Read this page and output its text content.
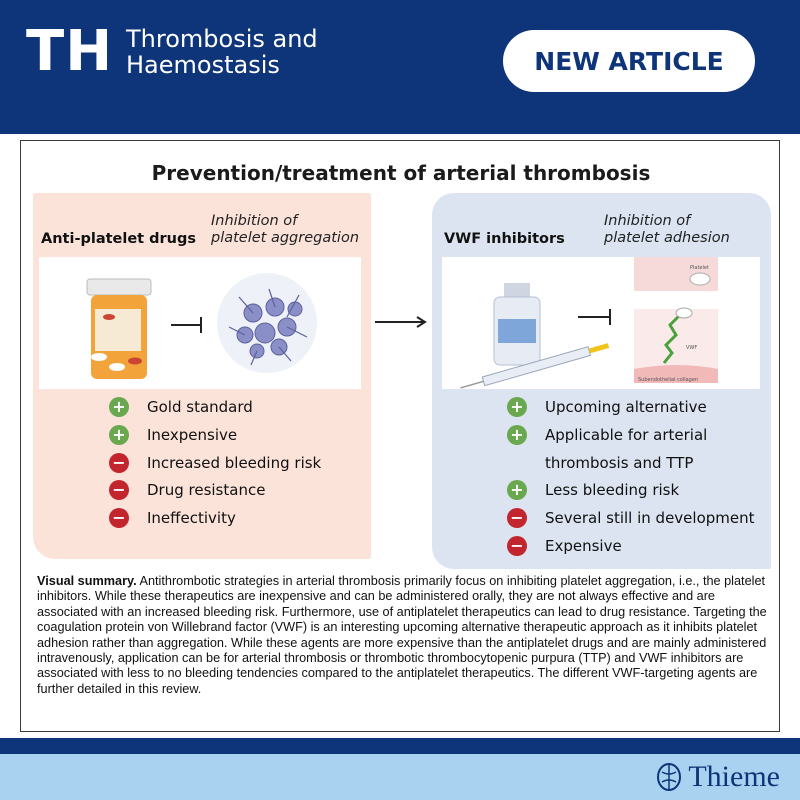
TH Thrombosis and
Haemostasis	NEW ARTICLE
Prevention/treatment of arterial thrombosis
Anti-platelet drugs
Inhibition of
platelet aggregation	VWF inhibitors
Inhibition of
platelet adhesion
Platelet
VWF
Subendothelial collagen
+ Gold standard
+ Inexpensive
− Increased bleeding risk
− Drug resistance
− Ineffectivity
+ Upcoming alternative
+ Applicable for arterial thrombosis and TTP
+ Less bleeding risk
− Several still in development
− Expensive
Visual summary. Antithrombotic strategies in arterial thrombosis primarily focus on inhibiting platelet aggregation, i.e., the platelet inhibitors. While these therapeutics are inexpensive and can be administered orally, they are not always effective and are associated with an increased bleeding risk. Furthermore, use of antiplatelet therapeutics can lead to drug resistance. Targeting the coagulation protein von Willebrand factor (VWF) is an interesting upcoming alternative therapeutic approach as it inhibits platelet adhesion rather than aggregation. While these agents are more expensive than the antiplatelet drugs and are mainly administered intravenously, application can be for arterial thrombosis or thrombotic thrombocytopenic purpura (TTP) and VWF inhibitors are associated with less to no bleeding tendencies compared to the antiplatelet therapeutics. The different VWF-targeting agents are further detailed in this review.
Thieme
